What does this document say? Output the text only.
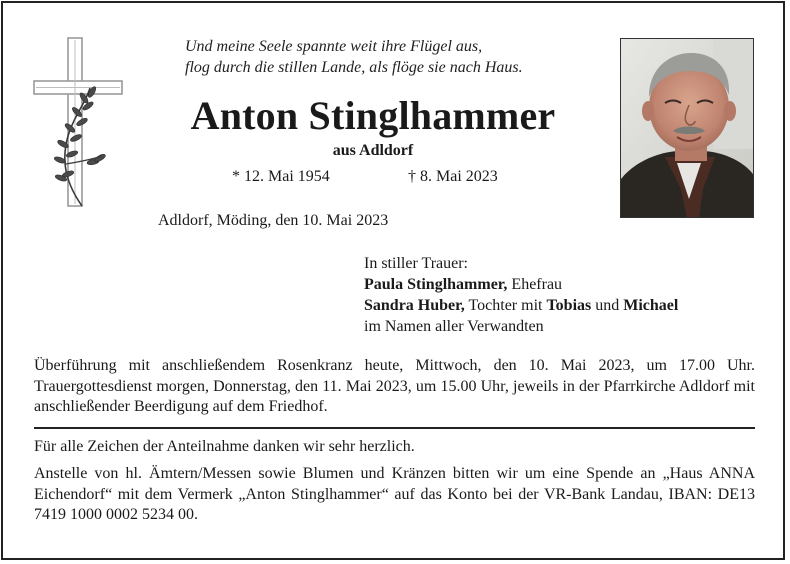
Und meine Seele spannte weit ihre Flügel aus,
flog durch die stillen Lande, als flöge sie nach Haus.
Anton Stinglhammer
aus Adldorf
* 12. Mai 1954	† 8. Mai 2023
Adldorf, Möding, den 10. Mai 2023
In stiller Trauer:
Paula Stinglhammer, Ehefrau
Sandra Huber, Tochter mit Tobias und Michael
im Namen aller Verwandten

Überführung mit anschließendem Rosenkranz heute, Mittwoch, den 10. Mai 2023, um 17.00 Uhr. Trauergottesdienst morgen, Donnerstag, den 11. Mai 2023, um 15.00 Uhr, jeweils in der Pfarrkirche Adldorf mit anschließender Beerdigung auf dem Friedhof.

Für alle Zeichen der Anteilnahme danken wir sehr herzlich.

Anstelle von hl. Ämtern/Messen sowie Blumen und Kränzen bitten wir um eine Spende an „Haus ANNA Eichendorf“ mit dem Vermerk „Anton Stinglhammer“ auf das Konto bei der VR-Bank Landau, IBAN: DE13 7419 1000 0002 5234 00.
